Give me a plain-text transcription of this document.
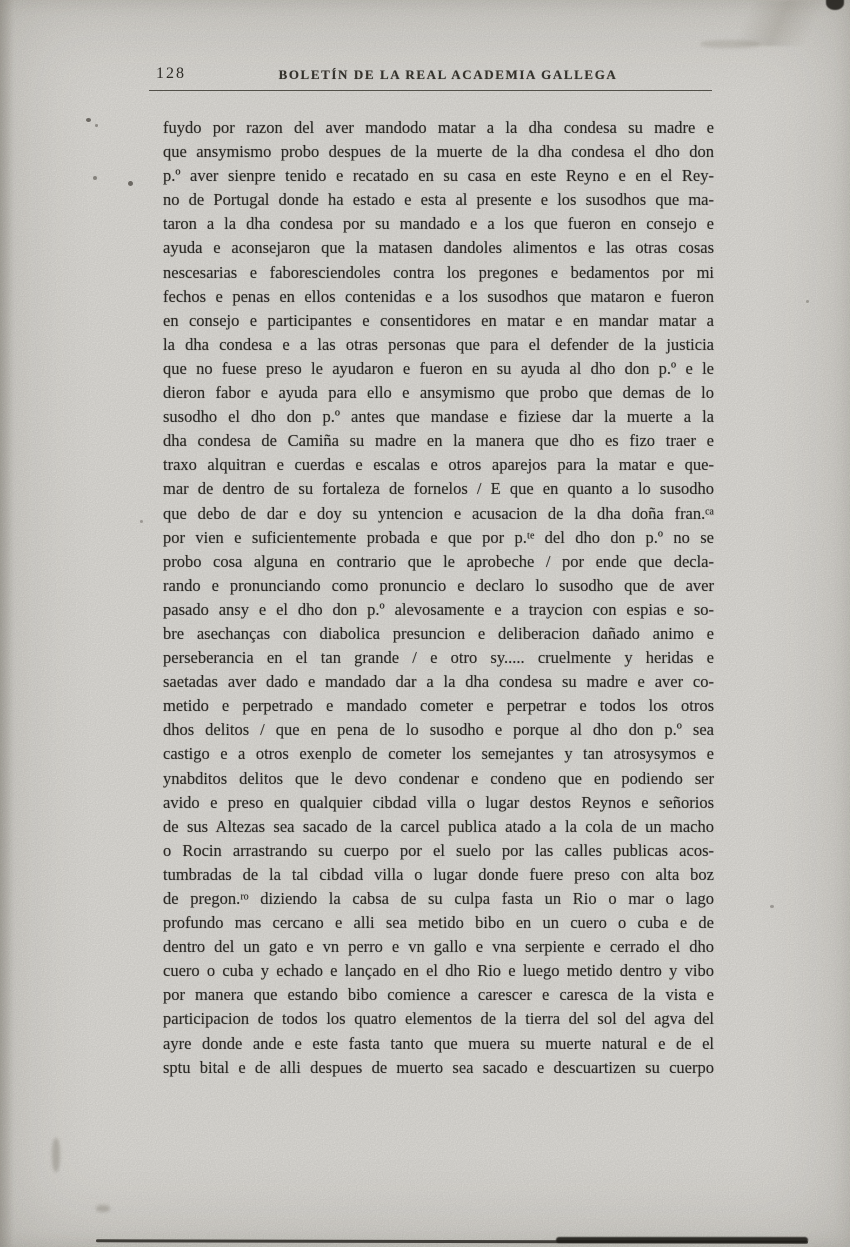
128	BOLETÍN DE LA REAL ACADEMIA GALLEGA
fuydo por razon del aver mandodo matar a la dha condesa su madre e
que ansymismo probo despues de la muerte de la dha condesa el dho don
p.º aver sienpre tenido e recatado en su casa en este Reyno e en el Rey-
no de Portugal donde ha estado e esta al presente e los susodhos que ma-
taron a la dha condesa por su mandado e a los que fueron en consejo e
ayuda e aconsejaron que la matasen dandoles alimentos e las otras cosas
nescesarias e faboresciendoles contra los pregones e bedamentos por mi
fechos e penas en ellos contenidas e a los susodhos que mataron e fueron
en consejo e participantes e consentidores en matar e en mandar matar a
la dha condesa e a las otras personas que para el defender de la justicia
que no fuese preso le ayudaron e fueron en su ayuda al dho don p.º e le
dieron fabor e ayuda para ello e ansymismo que probo que demas de lo
susodho el dho don p.º antes que mandase e fiziese dar la muerte a la
dha condesa de Camiña su madre en la manera que dho es fizo traer e
traxo alquitran e cuerdas e escalas e otros aparejos para la matar e que-
mar de dentro de su fortaleza de fornelos / E que en quanto a lo susodho
que debo de dar e doy su yntencion e acusacion de la dha doña fran.ᶜᵃ
por vien e suficientemente probada e que por p.ᵗᵉ del dho don p.º no se
probo cosa alguna en contrario que le aprobeche / por ende que decla-
rando e pronunciando como pronuncio e declaro lo susodho que de aver
pasado ansy e el dho don p.º alevosamente e a traycion con espias e so-
bre asechanças con diabolica presuncion e deliberacion dañado animo e
perseberancia en el tan grande / e otro sy..... cruelmente y heridas e
saetadas aver dado e mandado dar a la dha condesa su madre e aver co-
metido e perpetrado e mandado cometer e perpetrar e todos los otros
dhos delitos / que en pena de lo susodho e porque al dho don p.º sea
castigo e a otros exenplo de cometer los semejantes y tan atrosysymos e
ynabditos delitos que le devo condenar e condeno que en podiendo ser
avido e preso en qualquier cibdad villa o lugar destos Reynos e señorios
de sus Altezas sea sacado de la carcel publica atado a la cola de un macho
o Rocin arrastrando su cuerpo por el suelo por las calles publicas acos-
tumbradas de la tal cibdad villa o lugar donde fuere preso con alta boz
de pregon.ʳᵒ diziendo la cabsa de su culpa fasta un Rio o mar o lago
profundo mas cercano e alli sea metido bibo en un cuero o cuba e de
dentro del un gato e vn perro e vn gallo e vna serpiente e cerrado el dho
cuero o cuba y echado e lançado en el dho Rio e luego metido dentro y vibo
por manera que estando bibo comience a carescer e caresca de la vista e
participacion de todos los quatro elementos de la tierra del sol del agva del
ayre donde ande e este fasta tanto que muera su muerte natural e de el
sptu bital e de alli despues de muerto sea sacado e descuartizen su cuerpo
